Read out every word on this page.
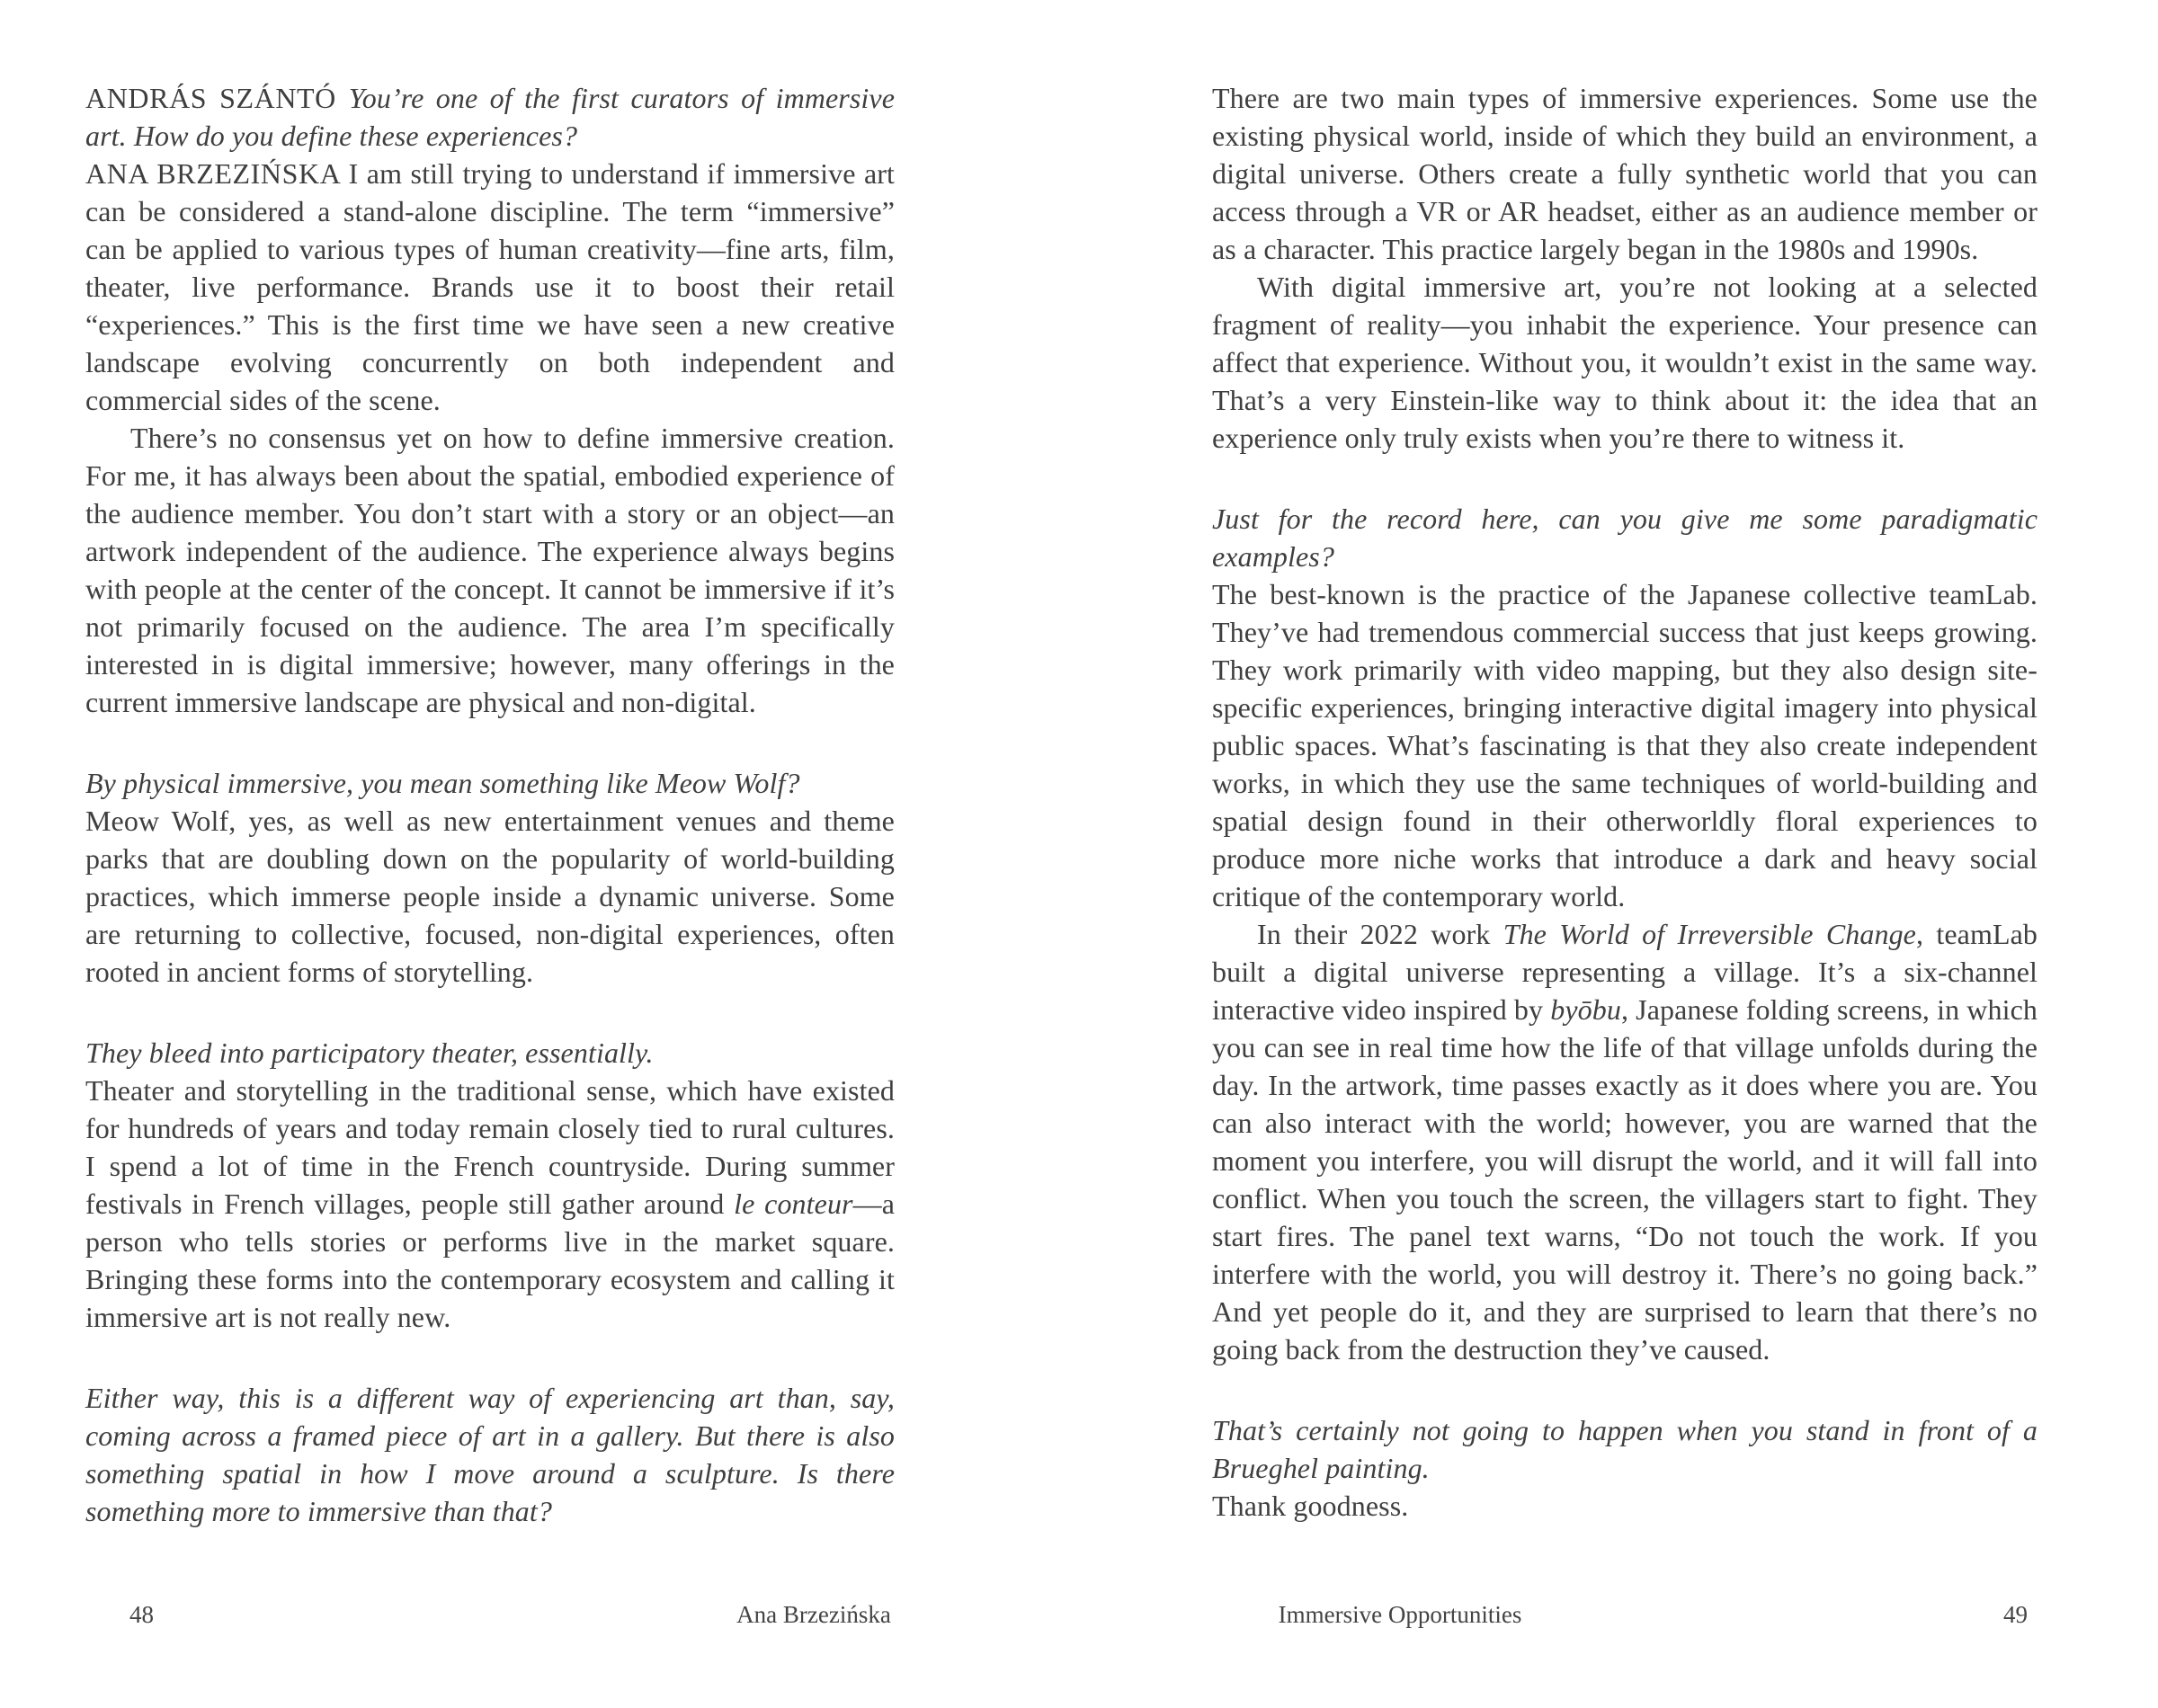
ANDRÁS SZÁNTÓ You’re one of the first curators of immersive art. How do you define these experiences?

ANA BRZEZIŃSKA I am still trying to understand if immersive art can be considered a stand-alone discipline. The term “immersive” can be applied to various types of human creativity—fine arts, film, theater, live performance. Brands use it to boost their retail “experiences.” This is the first time we have seen a new creative landscape evolving concurrently on both independent and commercial sides of the scene.

There’s no consensus yet on how to define immersive creation. For me, it has always been about the spatial, embodied experience of the audience member. You don’t start with a story or an object—an artwork independent of the audience. The experience always begins with people at the center of the concept. It cannot be immersive if it’s not primarily focused on the audience. The area I’m specifically interested in is digital immersive; however, many offerings in the current immersive landscape are physical and non-digital.

By physical immersive, you mean something like Meow Wolf?

Meow Wolf, yes, as well as new entertainment venues and theme parks that are doubling down on the popularity of world-building practices, which immerse people inside a dynamic universe. Some are returning to collective, focused, non-digital experiences, often rooted in ancient forms of storytelling.

They bleed into participatory theater, essentially.

Theater and storytelling in the traditional sense, which have existed for hundreds of years and today remain closely tied to rural cultures. I spend a lot of time in the French countryside. During summer festivals in French villages, people still gather around le conteur—a person who tells stories or performs live in the market square. Bringing these forms into the contemporary ecosystem and calling it immersive art is not really new.

Either way, this is a different way of experiencing art than, say, coming across a framed piece of art in a gallery. But there is also something spatial in how I move around a sculpture. Is there something more to immersive than that?

There are two main types of immersive experiences. Some use the existing physical world, inside of which they build an environment, a digital universe. Others create a fully synthetic world that you can access through a VR or AR headset, either as an audience member or as a character. This practice largely began in the 1980s and 1990s.

With digital immersive art, you’re not looking at a selected fragment of reality—you inhabit the experience. Your presence can affect that experience. Without you, it wouldn’t exist in the same way. That’s a very Einstein-like way to think about it: the idea that an experience only truly exists when you’re there to witness it.

Just for the record here, can you give me some paradigmatic examples?

The best-known is the practice of the Japanese collective teamLab. They’ve had tremendous commercial success that just keeps growing. They work primarily with video mapping, but they also design site-specific experiences, bringing interactive digital imagery into physical public spaces. What’s fascinating is that they also create independent works, in which they use the same techniques of world-building and spatial design found in their otherworldly floral experiences to produce more niche works that introduce a dark and heavy social critique of the contemporary world.

In their 2022 work The World of Irreversible Change, teamLab built a digital universe representing a village. It’s a six-channel interactive video inspired by byōbu, Japanese folding screens, in which you can see in real time how the life of that village unfolds during the day. In the artwork, time passes exactly as it does where you are. You can also interact with the world; however, you are warned that the moment you interfere, you will disrupt the world, and it will fall into conflict. When you touch the screen, the villagers start to fight. They start fires. The panel text warns, “Do not touch the work. If you interfere with the world, you will destroy it. There’s no going back.” And yet people do it, and they are surprised to learn that there’s no going back from the destruction they’ve caused.

That’s certainly not going to happen when you stand in front of a Brueghel painting.

Thank goodness.

48	Ana Brzezińska	Immersive Opportunities	49
